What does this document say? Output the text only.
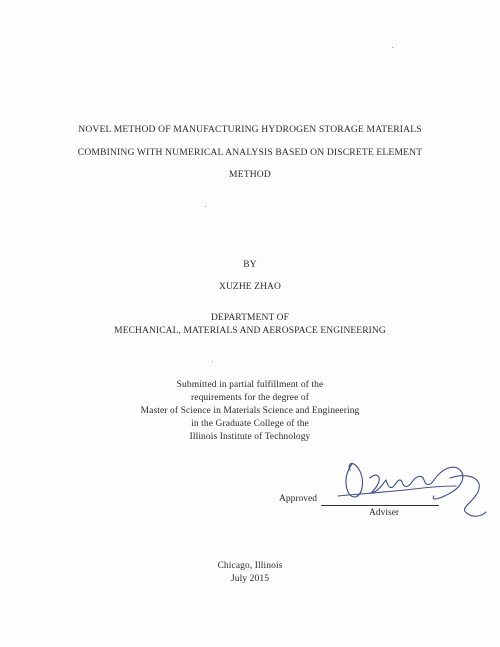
NOVEL METHOD OF MANUFACTURING HYDROGEN STORAGE MATERIALS
COMBINING WITH NUMERICAL ANALYSIS BASED ON DISCRETE ELEMENT
METHOD
BY
XUZHE ZHAO
DEPARTMENT OF
MECHANICAL, MATERIALS AND AEROSPACE ENGINEERING
Submitted in partial fulfillment of the
requirements for the degree of
Master of Science in Materials Science and Engineering
in the Graduate College of the
Illinois Institute of Technology
Approved
Adviser
Chicago, Illinois
July 2015
